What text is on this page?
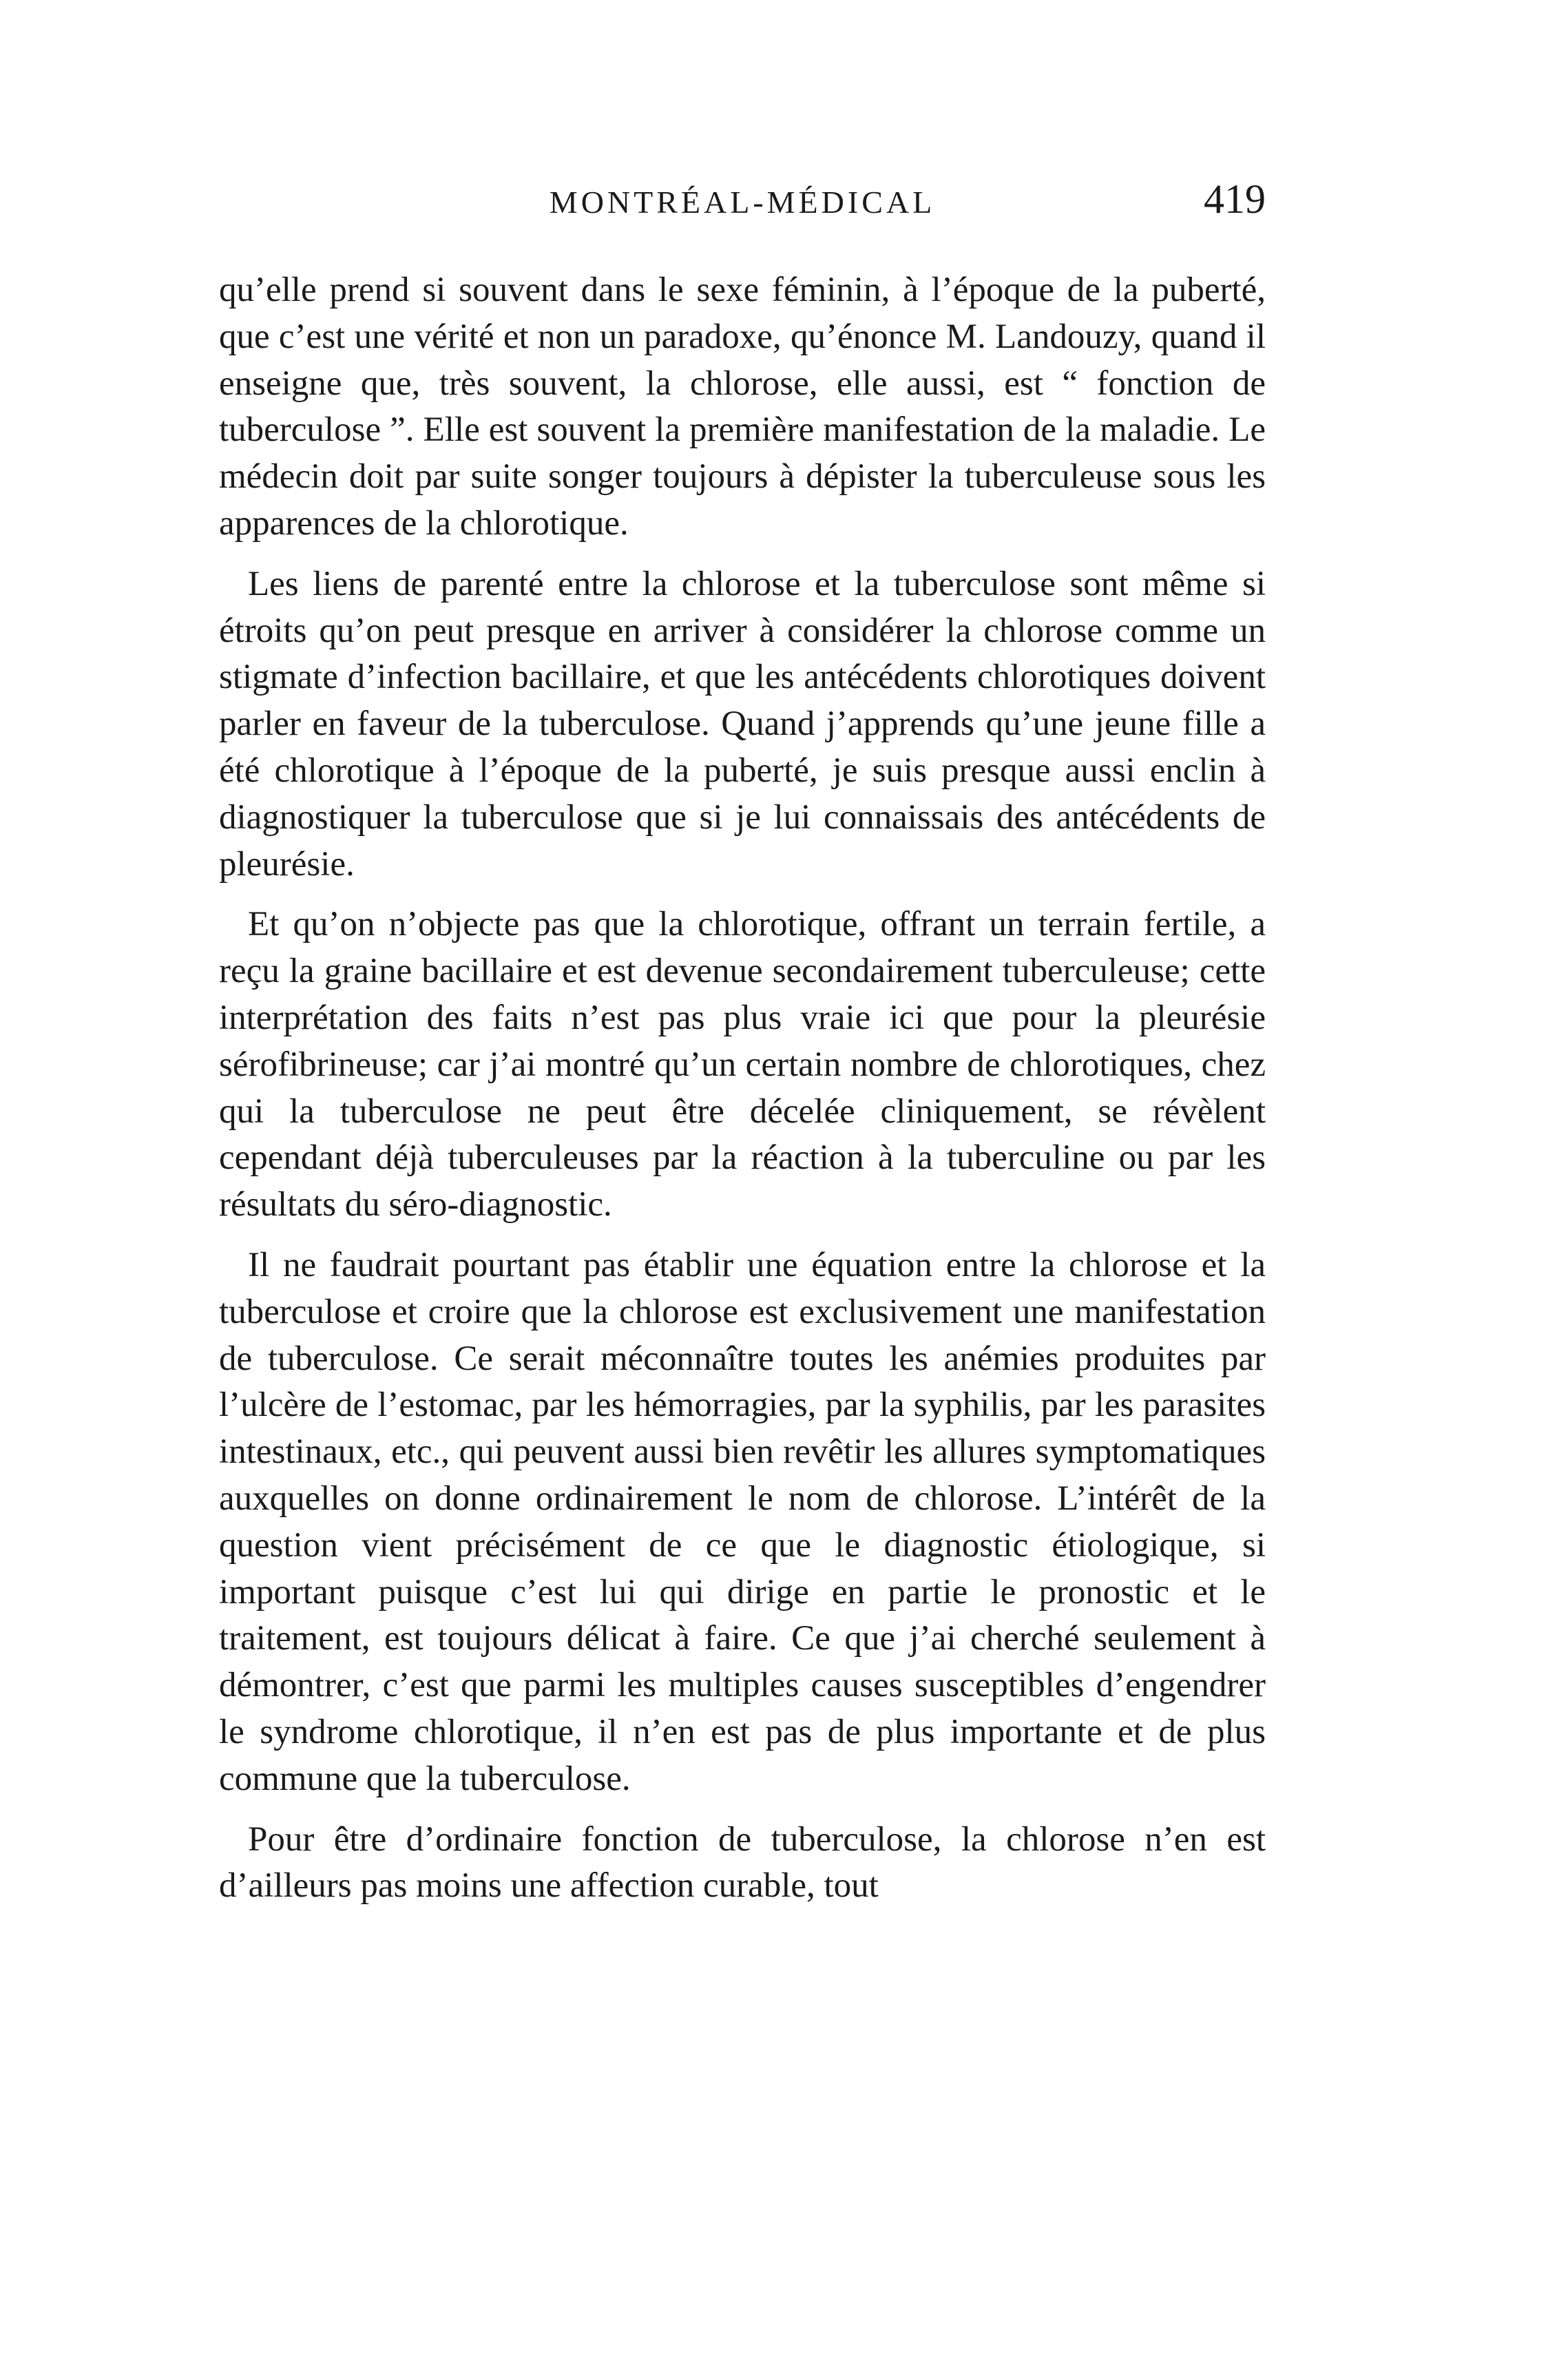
MONTRÉAL-MÉDICAL	419

qu’elle prend si souvent dans le sexe féminin, à l’époque de la puberté, que c’est une vérité et non un paradoxe, qu’énonce M. Landouzy, quand il enseigne que, très souvent, la chlorose, elle aussi, est “ fonction de tuberculose ”. Elle est souvent la première manifestation de la maladie. Le médecin doit par suite songer toujours à dépister la tuberculeuse sous les apparences de la chlorotique.

Les liens de parenté entre la chlorose et la tuberculose sont même si étroits qu’on peut presque en arriver à considérer la chlorose comme un stigmate d’infection bacillaire, et que les antécédents chlorotiques doivent parler en faveur de la tuberculose. Quand j’apprends qu’une jeune fille a été chlorotique à l’époque de la puberté, je suis presque aussi enclin à diagnostiquer la tuberculose que si je lui connaissais des antécédents de pleurésie.

Et qu’on n’objecte pas que la chlorotique, offrant un terrain fertile, a reçu la graine bacillaire et est devenue secondairement tuberculeuse; cette interprétation des faits n’est pas plus vraie ici que pour la pleurésie sérofibrineuse; car j’ai montré qu’un certain nombre de chlorotiques, chez qui la tuberculose ne peut être décelée cliniquement, se révèlent cependant déjà tuberculeuses par la réaction à la tuberculine ou par les résultats du séro-diagnostic.

Il ne faudrait pourtant pas établir une équation entre la chlorose et la tuberculose et croire que la chlorose est exclusivement une manifestation de tuberculose. Ce serait méconnaître toutes les anémies produites par l’ulcère de l’estomac, par les hémorragies, par la syphilis, par les parasites intestinaux, etc., qui peuvent aussi bien revêtir les allures symptomatiques auxquelles on donne ordinairement le nom de chlorose. L’intérêt de la question vient précisément de ce que le diagnostic étiologique, si important puisque c’est lui qui dirige en partie le pronostic et le traitement, est toujours délicat à faire. Ce que j’ai cherché seulement à démontrer, c’est que parmi les multiples causes susceptibles d’engendrer le syndrome chlorotique, il n’en est pas de plus importante et de plus commune que la tuberculose.

Pour être d’ordinaire fonction de tuberculose, la chlorose n’en est d’ailleurs pas moins une affection curable, tout
